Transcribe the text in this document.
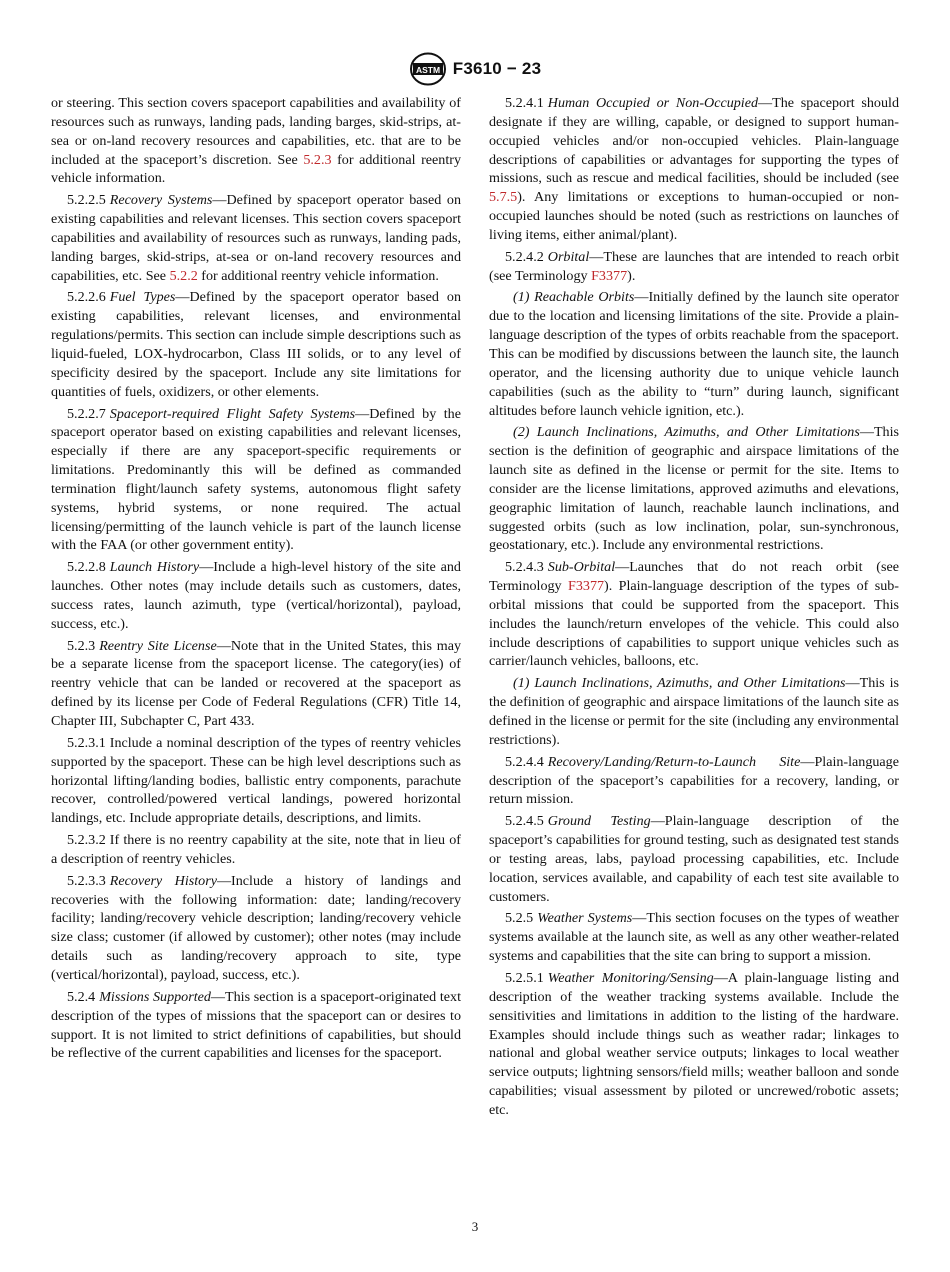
ASTM F3610 − 23

or steering. This section covers spaceport capabilities and availability of resources such as runways, landing pads, landing barges, skid-strips, at-sea or on-land recovery resources and capabilities, etc. that are to be included at the spaceport’s discretion. See 5.2.3 for additional reentry vehicle information.

5.2.2.5 Recovery Systems—Defined by spaceport operator based on existing capabilities and relevant licenses. This section covers spaceport capabilities and availability of resources such as runways, landing pads, landing barges, skid-strips, at-sea or on-land recovery resources and capabilities, etc. See 5.2.2 for additional reentry vehicle information.

5.2.2.6 Fuel Types—Defined by the spaceport operator based on existing capabilities, relevant licenses, and environmental regulations/permits. This section can include simple descriptions such as liquid-fueled, LOX-hydrocarbon, Class III solids, or to any level of specificity desired by the spaceport. Include any site limitations for quantities of fuels, oxidizers, or other elements.

5.2.2.7 Spaceport-required Flight Safety Systems—Defined by the spaceport operator based on existing capabilities and relevant licenses, especially if there are any spaceport-specific requirements or limitations. Predominantly this will be defined as commanded termination flight/launch safety systems, autonomous flight safety systems, hybrid systems, or none required. The actual licensing/permitting of the launch vehicle is part of the launch license with the FAA (or other government entity).

5.2.2.8 Launch History—Include a high-level history of the site and launches. Other notes (may include details such as customers, dates, success rates, launch azimuth, type (vertical/horizontal), payload, success, etc.).

5.2.3 Reentry Site License—Note that in the United States, this may be a separate license from the spaceport license. The category(ies) of reentry vehicle that can be landed or recovered at the spaceport as defined by its license per Code of Federal Regulations (CFR) Title 14, Chapter III, Subchapter C, Part 433.

5.2.3.1 Include a nominal description of the types of reentry vehicles supported by the spaceport. These can be high level descriptions such as horizontal lifting/landing bodies, ballistic entry components, parachute recover, controlled/powered vertical landings, powered horizontal landings, etc. Include appropriate details, descriptions, and limits.

5.2.3.2 If there is no reentry capability at the site, note that in lieu of a description of reentry vehicles.

5.2.3.3 Recovery History—Include a history of landings and recoveries with the following information: date; landing/recovery facility; landing/recovery vehicle description; landing/recovery vehicle size class; customer (if allowed by customer); other notes (may include details such as landing/recovery approach to site, type (vertical/horizontal), payload, success, etc.).

5.2.4 Missions Supported—This section is a spaceport-originated text description of the types of missions that the spaceport can or desires to support. It is not limited to strict definitions of capabilities, but should be reflective of the current capabilities and licenses for the spaceport.

5.2.4.1 Human Occupied or Non-Occupied—The spaceport should designate if they are willing, capable, or designed to support human-occupied vehicles and/or non-occupied vehicles. Plain-language descriptions of capabilities or advantages for supporting the types of missions, such as rescue and medical facilities, should be included (see 5.7.5). Any limitations or exceptions to human-occupied or non-occupied launches should be noted (such as restrictions on launches of living items, either animal/plant).

5.2.4.2 Orbital—These are launches that are intended to reach orbit (see Terminology F3377).

(1) Reachable Orbits—Initially defined by the launch site operator due to the location and licensing limitations of the site. Provide a plain-language description of the types of orbits reachable from the spaceport. This can be modified by discussions between the launch site, the launch operator, and the licensing authority due to unique vehicle launch capabilities (such as the ability to “turn” during launch, significant altitudes before launch vehicle ignition, etc.).

(2) Launch Inclinations, Azimuths, and Other Limitations—This section is the definition of geographic and airspace limitations of the launch site as defined in the license or permit for the site. Items to consider are the license limitations, approved azimuths and elevations, geographic limitation of launch, reachable launch inclinations, and suggested orbits (such as low inclination, polar, sun-synchronous, geostationary, etc.). Include any environmental restrictions.

5.2.4.3 Sub-Orbital—Launches that do not reach orbit (see Terminology F3377). Plain-language description of the types of sub-orbital missions that could be supported from the spaceport. This includes the launch/return envelopes of the vehicle. This could also include descriptions of capabilities to support unique vehicles such as carrier/launch vehicles, balloons, etc.

(1) Launch Inclinations, Azimuths, and Other Limitations—This is the definition of geographic and airspace limitations of the launch site as defined in the license or permit for the site (including any environmental restrictions).

5.2.4.4 Recovery/Landing/Return-to-Launch Site—Plain-language description of the spaceport’s capabilities for a recovery, landing, or return mission.

5.2.4.5 Ground Testing—Plain-language description of the spaceport’s capabilities for ground testing, such as designated test stands or testing areas, labs, payload processing capabilities, etc. Include location, services available, and capability of each test site available to customers.

5.2.5 Weather Systems—This section focuses on the types of weather systems available at the launch site, as well as any other weather-related systems and capabilities that the site can bring to support a mission.

5.2.5.1 Weather Monitoring/Sensing—A plain-language listing and description of the weather tracking systems available. Include the sensitivities and limitations in addition to the listing of the hardware. Examples should include things such as weather radar; linkages to national and global weather service outputs; linkages to local weather service outputs; lightning sensors/field mills; weather balloon and sonde capabilities; visual assessment by piloted or uncrewed/robotic assets; etc.

3
